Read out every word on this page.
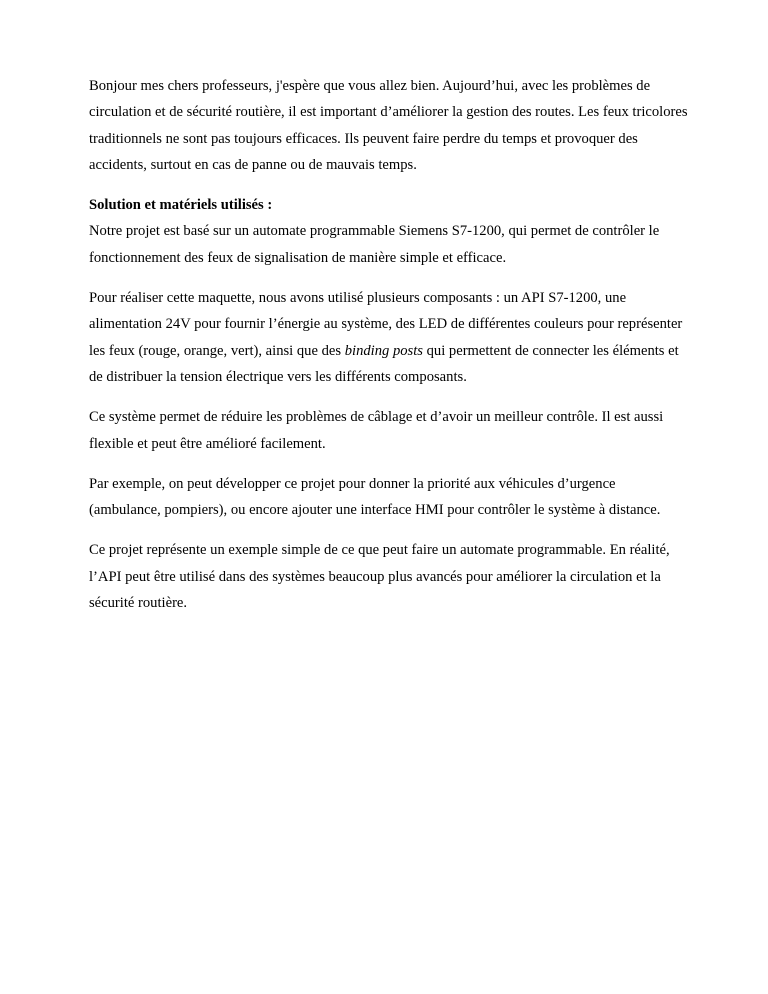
Bonjour mes chers professeurs, j'espère que vous allez bien. Aujourd’hui, avec les problèmes de circulation et de sécurité routière, il est important d’améliorer la gestion des routes. Les feux tricolores traditionnels ne sont pas toujours efficaces. Ils peuvent faire perdre du temps et provoquer des accidents, surtout en cas de panne ou de mauvais temps.

Solution et matériels utilisés :
Notre projet est basé sur un automate programmable Siemens S7-1200, qui permet de contrôler le fonctionnement des feux de signalisation de manière simple et efficace.

Pour réaliser cette maquette, nous avons utilisé plusieurs composants : un API S7-1200, une alimentation 24V pour fournir l’énergie au système, des LED de différentes couleurs pour représenter les feux (rouge, orange, vert), ainsi que des binding posts qui permettent de connecter les éléments et de distribuer la tension électrique vers les différents composants.

Ce système permet de réduire les problèmes de câblage et d’avoir un meilleur contrôle. Il est aussi flexible et peut être amélioré facilement.

Par exemple, on peut développer ce projet pour donner la priorité aux véhicules d’urgence (ambulance, pompiers), ou encore ajouter une interface HMI pour contrôler le système à distance.

Ce projet représente un exemple simple de ce que peut faire un automate programmable. En réalité, l’API peut être utilisé dans des systèmes beaucoup plus avancés pour améliorer la circulation et la sécurité routière.
